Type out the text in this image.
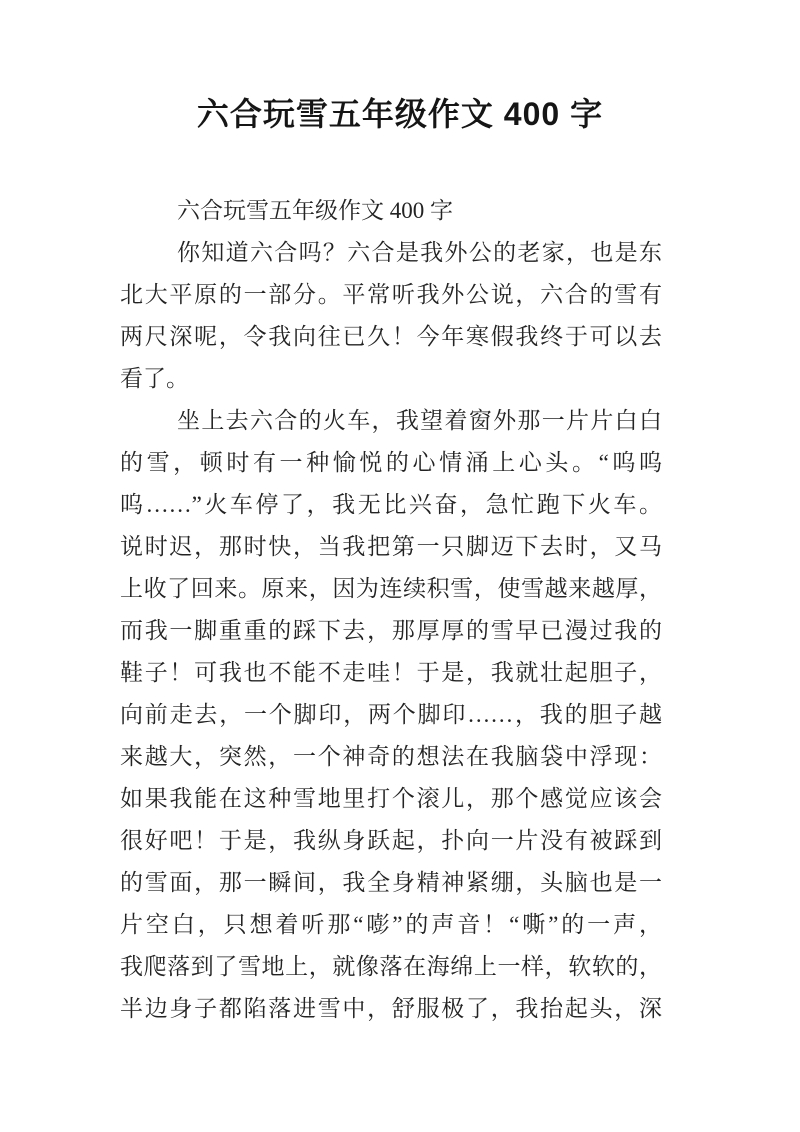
六合玩雪五年级作文 400 字
六合玩雪五年级作文 400 字
你知道六合吗？六合是我外公的老家，也是东
北大平原的一部分。平常听我外公说，六合的雪有
两尺深呢，令我向往已久！今年寒假我终于可以去
看了。
坐上去六合的火车，我望着窗外那一片片白白
的雪，顿时有一种愉悦的心情涌上心头。“呜呜
呜……”火车停了，我无比兴奋，急忙跑下火车。
说时迟，那时快，当我把第一只脚迈下去时，又马
上收了回来。原来，因为连续积雪，使雪越来越厚，
而我一脚重重的踩下去，那厚厚的雪早已漫过我的
鞋子！可我也不能不走哇！于是，我就壮起胆子，
向前走去，一个脚印，两个脚印……，我的胆子越
来越大，突然，一个神奇的想法在我脑袋中浮现：
如果我能在这种雪地里打个滚儿，那个感觉应该会
很好吧！于是，我纵身跃起，扑向一片没有被踩到
的雪面，那一瞬间，我全身精神紧绷，头脑也是一
片空白，只想着听那“嘭”的声音！“嘶”的一声，
我爬落到了雪地上，就像落在海绵上一样，软软的，
半边身子都陷落进雪中，舒服极了，我抬起头，深
